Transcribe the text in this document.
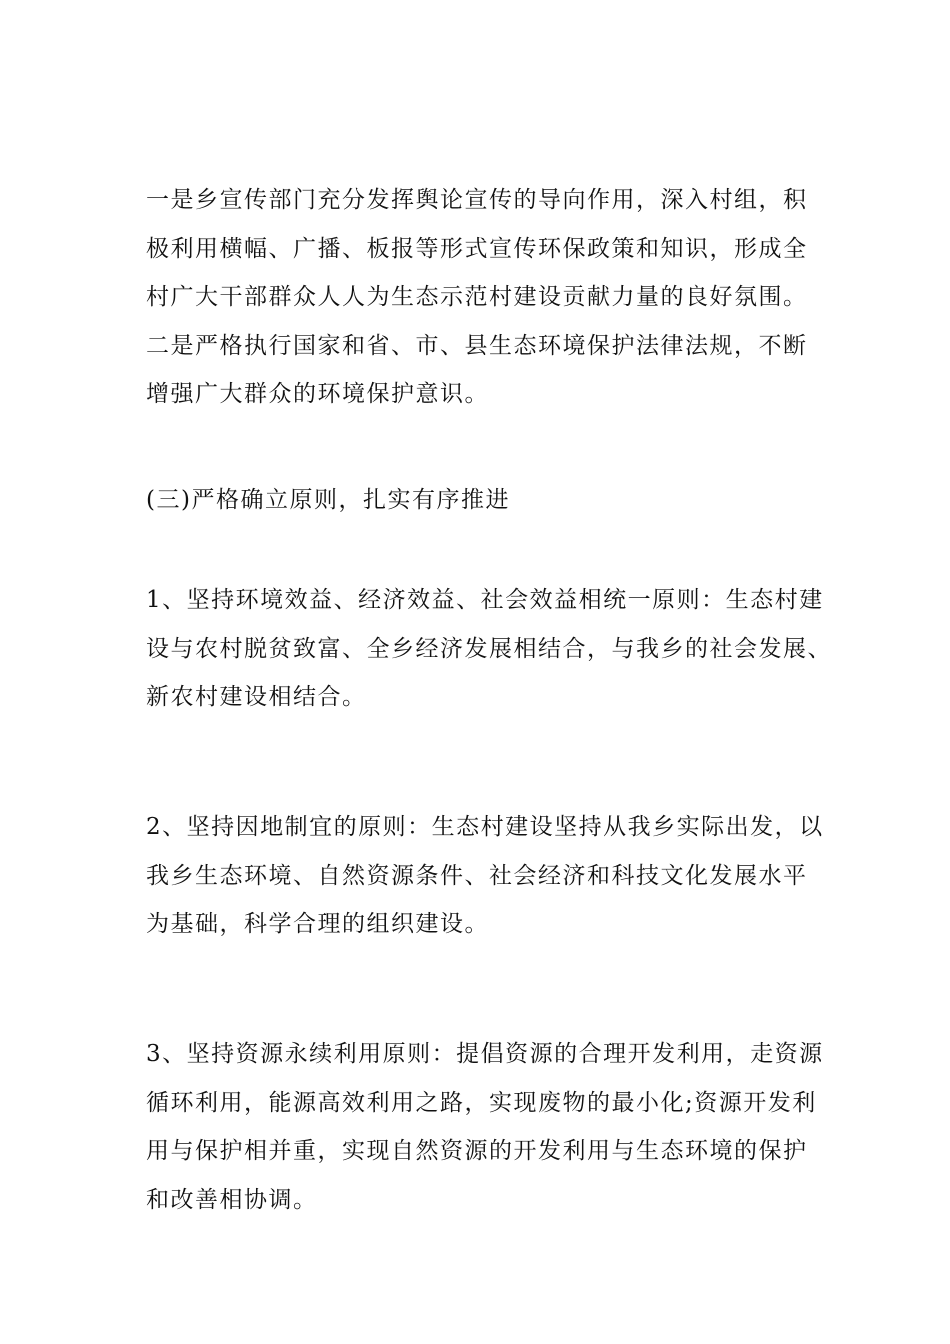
一是乡宣传部门充分发挥舆论宣传的导向作用，深入村组，积
极利用横幅、广播、板报等形式宣传环保政策和知识，形成全
村广大干部群众人人为生态示范村建设贡献力量的良好氛围。
二是严格执行国家和省、市、县生态环境保护法律法规，不断
增强广大群众的环境保护意识。
(三)严格确立原则，扎实有序推进
1、坚持环境效益、经济效益、社会效益相统一原则：生态村建
设与农村脱贫致富、全乡经济发展相结合，与我乡的社会发展、
新农村建设相结合。
2、坚持因地制宜的原则：生态村建设坚持从我乡实际出发，以
我乡生态环境、自然资源条件、社会经济和科技文化发展水平
为基础，科学合理的组织建设。
3、坚持资源永续利用原则：提倡资源的合理开发利用，走资源
循环利用，能源高效利用之路，实现废物的最小化;资源开发利
用与保护相并重，实现自然资源的开发利用与生态环境的保护
和改善相协调。
